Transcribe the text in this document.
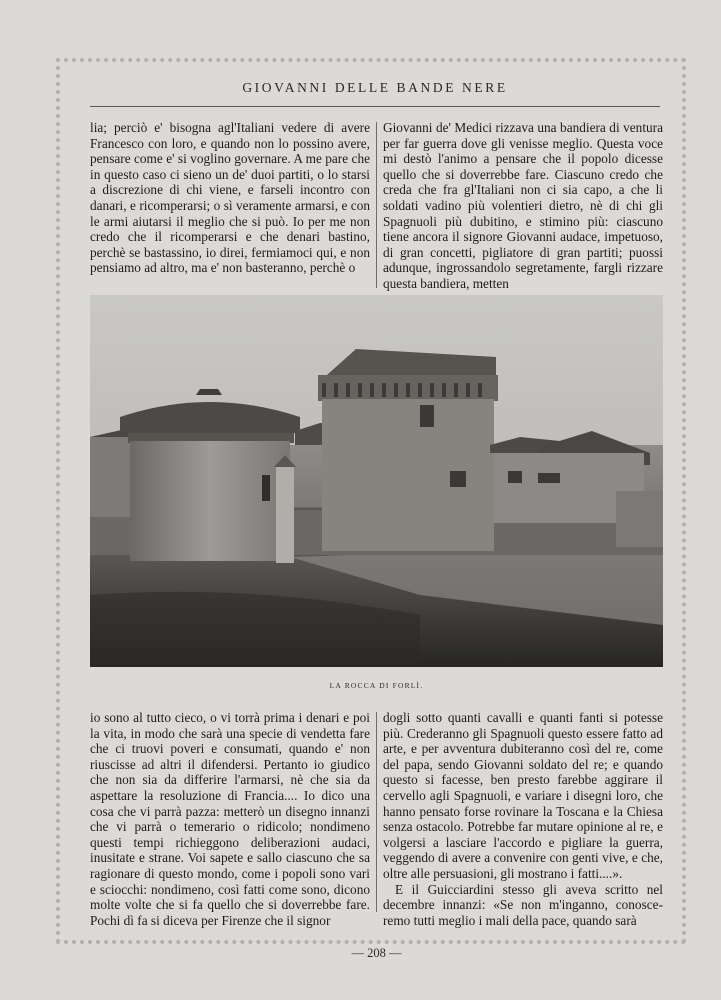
GIOVANNI DELLE BANDE NERE

lia; perciò e' bisogna agl'Italiani vedere di avere Francesco con loro, e quando non lo possino avere, pensare come e' si voglino governare. A me pare che in questo caso ci sieno un de' duoi partiti, o lo starsi a discrezione di chi viene, e farseli incontro con danari, e ricomperarsi; o sì veramente armarsi, e con le armi aiutarsi il meglio che si può. Io per me non credo che il ricomperarsi e che denari bastino, perchè se bastassino, io direi, fermiamoci qui, e non pensiamo ad altro, ma e' non basteranno, perchè o

Giovanni de' Medici rizzava una bandiera di ventura per far guerra dove gli venisse meglio. Questa voce mi destò l'animo a pensare che il popolo dicesse quello che si doverrebbe fare. Ciascuno credo che creda che fra gl'Italiani non ci sia capo, a che li soldati vadino più volentieri dietro, nè di chi gli Spagnuoli più dubitino, e stimino più: ciascuno tiene ancora il signore Giovanni audace, impetuoso, di gran concetti, pigliatore di gran partiti; puossi adunque, ingrossandolo segretamente, fargli rizzare questa bandiera, metten

LA ROCCA DI FORLÌ.

io sono al tutto cieco, o vi torrà prima i denari e poi la vita, in modo che sarà una specie di vendetta fare che ci truovi poveri e consumati, quando e' non riuscisse ad altri il difendersi. Pertanto io giudico che non sia da differire l'armarsi, nè che sia da aspettare la resoluzione di Francia.... Io dico una cosa che vi parrà pazza: metterò un disegno innanzi che vi parrà o temerario o ridicolo; nondimeno questi tempi richieggono deliberazioni audaci, inusitate e strane. Voi sapete e sallo ciascuno che sa ragionare di questo mondo, come i popoli sono vari e sciocchi: nondimeno, così fatti come sono, dicono molte volte che si fa quello che si doverrebbe fare. Pochi dì fa si diceva per Firenze che il signor

dogli sotto quanti cavalli e quanti fanti si potesse più. Crederanno gli Spagnuoli questo essere fatto ad arte, e per avventura dubiteranno così del re, come del papa, sendo Giovanni soldato del re; e quando questo si facesse, ben presto farebbe aggirare il cervello agli Spagnuoli, e variare i disegni loro, che hanno pensato forse rovinare la Toscana e la Chiesa senza ostacolo. Potrebbe far mutare opinione al re, e volgersi a lasciare l'accordo e pigliare la guerra, veggendo di avere a convenire con genti vive, e che, oltre alle persuasioni, gli mostrano i fatti....».

E il Guicciardini stesso gli aveva scritto nel decembre innanzi: «Se non m'inganno, conosceremo tutti meglio i mali della pace, quando sarà

— 208 —
